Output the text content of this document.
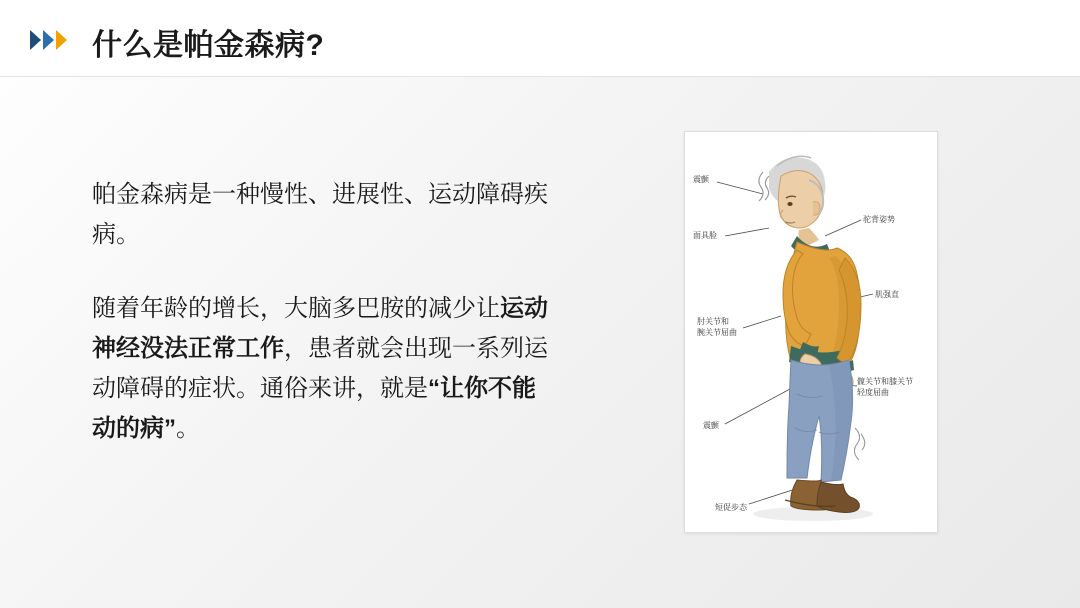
什么是帕金森病?

帕金森病是一种慢性、进展性、运动障碍疾病。

随着年龄的增长，大脑多巴胺的减少让运动神经没法正常工作，患者就会出现一系列运动障碍的症状。通俗来讲，就是“让你不能动的病”。

震颤
面具脸
肘关节和
腕关节屈曲
震颤
驼背姿势
肌强直
髋关节和膝关节
轻度屈曲
短促步态
